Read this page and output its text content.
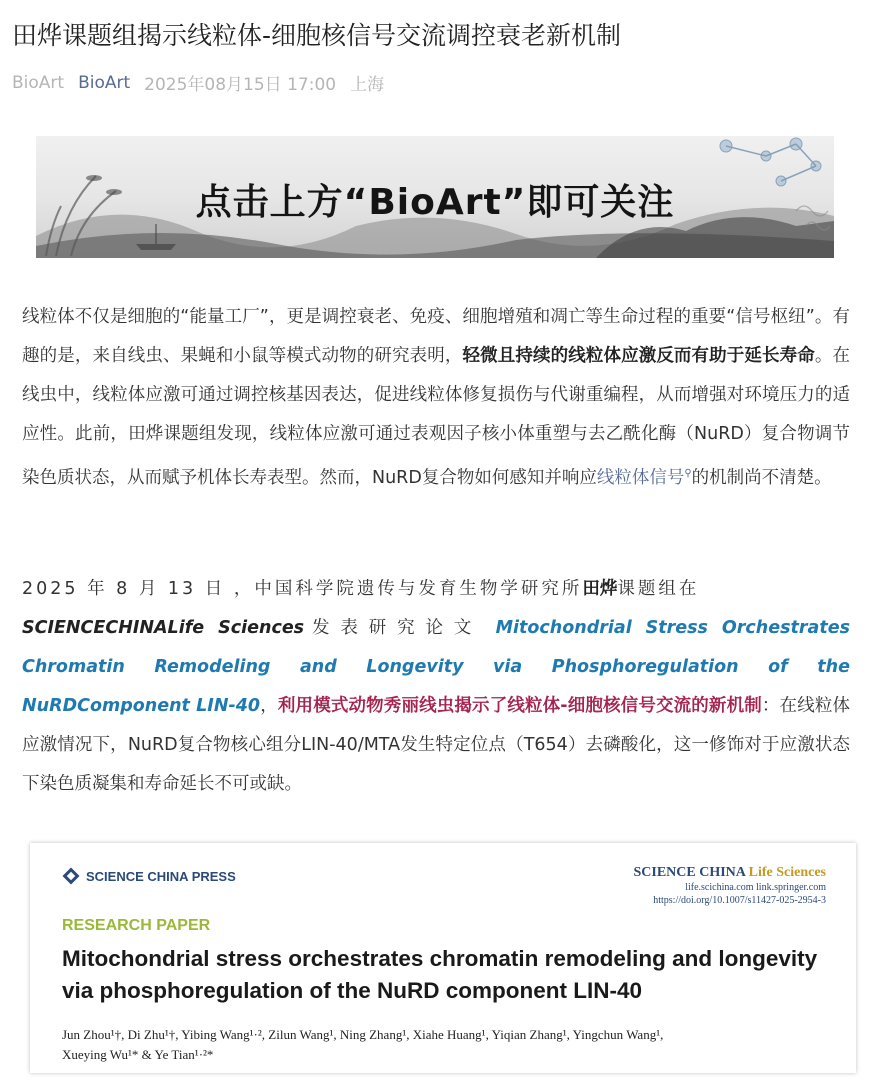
田烨课题组揭示线粒体-细胞核信号交流调控衰老新机制
BioArt BioArt 2025年08月15日 17:00 上海
点击上方“BioArt”即可关注

线粒体不仅是细胞的“能量工厂”，更是调控衰老、免疫、细胞增殖和凋亡等生命过程的重要“信号枢纽”。有趣的是，来自线虫、果蝇和小鼠等模式动物的研究表明，轻微且持续的线粒体应激反而有助于延长寿命。在线虫中，线粒体应激可通过调控核基因表达，促进线粒体修复损伤与代谢重编程，从而增强对环境压力的适应性。此前，田烨课题组发现，线粒体应激可通过表观因子核小体重塑与去乙酰化酶（NuRD）复合物调节染色质状态，从而赋予机体长寿表型。然而，NuRD复合物如何感知并响应线粒体信号⚲的机制尚不清楚。

2025 年 8 月 13 日 ，中国科学院遗传与发育生物学研究所田烨课题组在
SCIENCECHINALife Sciences发表研究论文 Mitochondrial Stress Orchestrates Chromatin Remodeling and Longevity via Phosphoregulation of the NuRDComponent LIN-40，利用模式动物秀丽线虫揭示了线粒体-细胞核信号交流的新机制：在线粒体应激情况下，NuRD复合物核心组分LIN-40/MTA发生特定位点（T654）去磷酸化，这一修饰对于应激状态下染色质凝集和寿命延长不可或缺。

SCIENCE CHINA PRESS	SCIENCE CHINA Life Sciences
life.scichina.com link.springer.com
https://doi.org/10.1007/s11427-025-2954-3
RESEARCH PAPER
Mitochondrial stress orchestrates chromatin remodeling and longevity via phosphoregulation of the NuRD component LIN-40
Jun Zhou¹†, Di Zhu¹†, Yibing Wang¹·², Zilun Wang¹, Ning Zhang¹, Xiahe Huang¹, Yiqian Zhang¹, Yingchun Wang¹,
Xueying Wu¹* & Ye Tian¹·²*
